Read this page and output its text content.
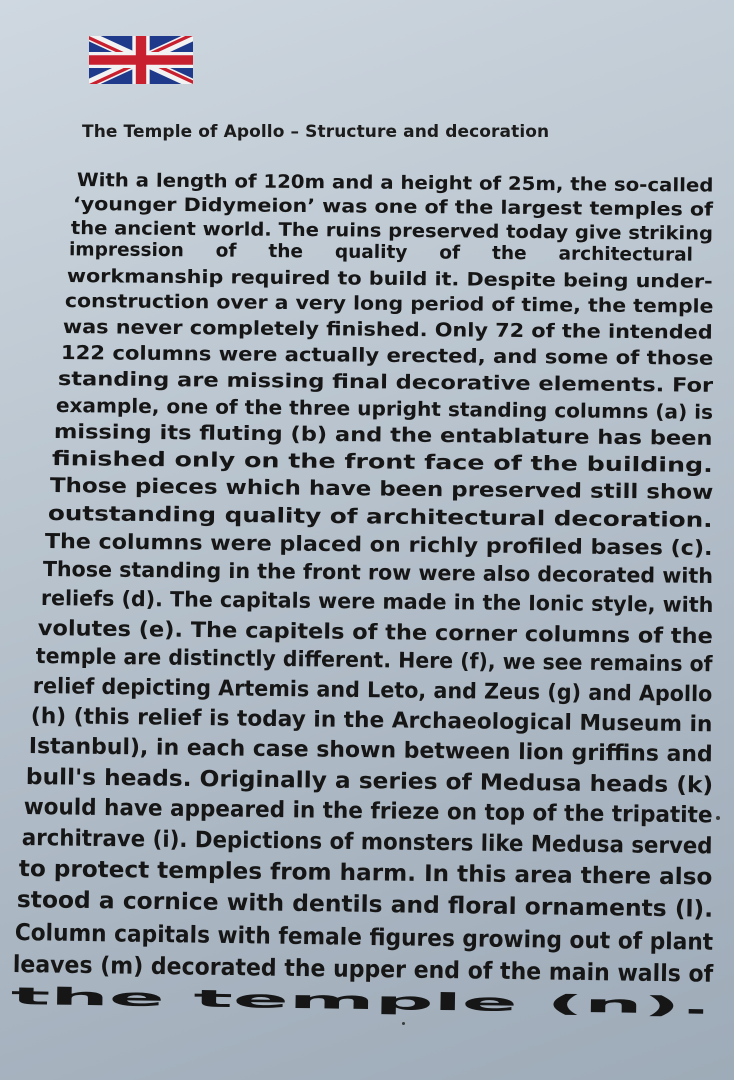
The Temple of Apollo – Structure and decoration
With a length of 120m and a height of 25m, the so-called
‘younger Didymeion’ was one of the largest temples of
the ancient world. The ruins preserved today give striking
impression of the quality of the architectural
workmanship required to build it. Despite being under-
construction over a very long period of time, the temple
was never completely finished. Only 72 of the intended
122 columns were actually erected, and some of those
standing are missing final decorative elements. For
example, one of the three upright standing columns (a) is
missing its fluting (b) and the entablature has been
finished only on the front face of the building.
Those pieces which have been preserved still show
outstanding quality of architectural decoration.
The columns were placed on richly profiled bases (c).
Those standing in the front row were also decorated with
reliefs (d). The capitals were made in the Ionic style, with
volutes (e). The capitels of the corner columns of the
temple are distinctly different. Here (f), we see remains of
relief depicting Artemis and Leto, and Zeus (g) and Apollo
(h) (this relief is today in the Archaeological Museum in
Istanbul), in each case shown between lion griffins and
bull's heads. Originally a series of Medusa heads (k)
would have appeared in the frieze on top of the tripatite
architrave (i). Depictions of monsters like Medusa served
to protect temples from harm. In this area there also
stood a cornice with dentils and floral ornaments (l).
Column capitals with female figures growing out of plant
leaves (m) decorated the upper end of the main walls of
the temple (n).
